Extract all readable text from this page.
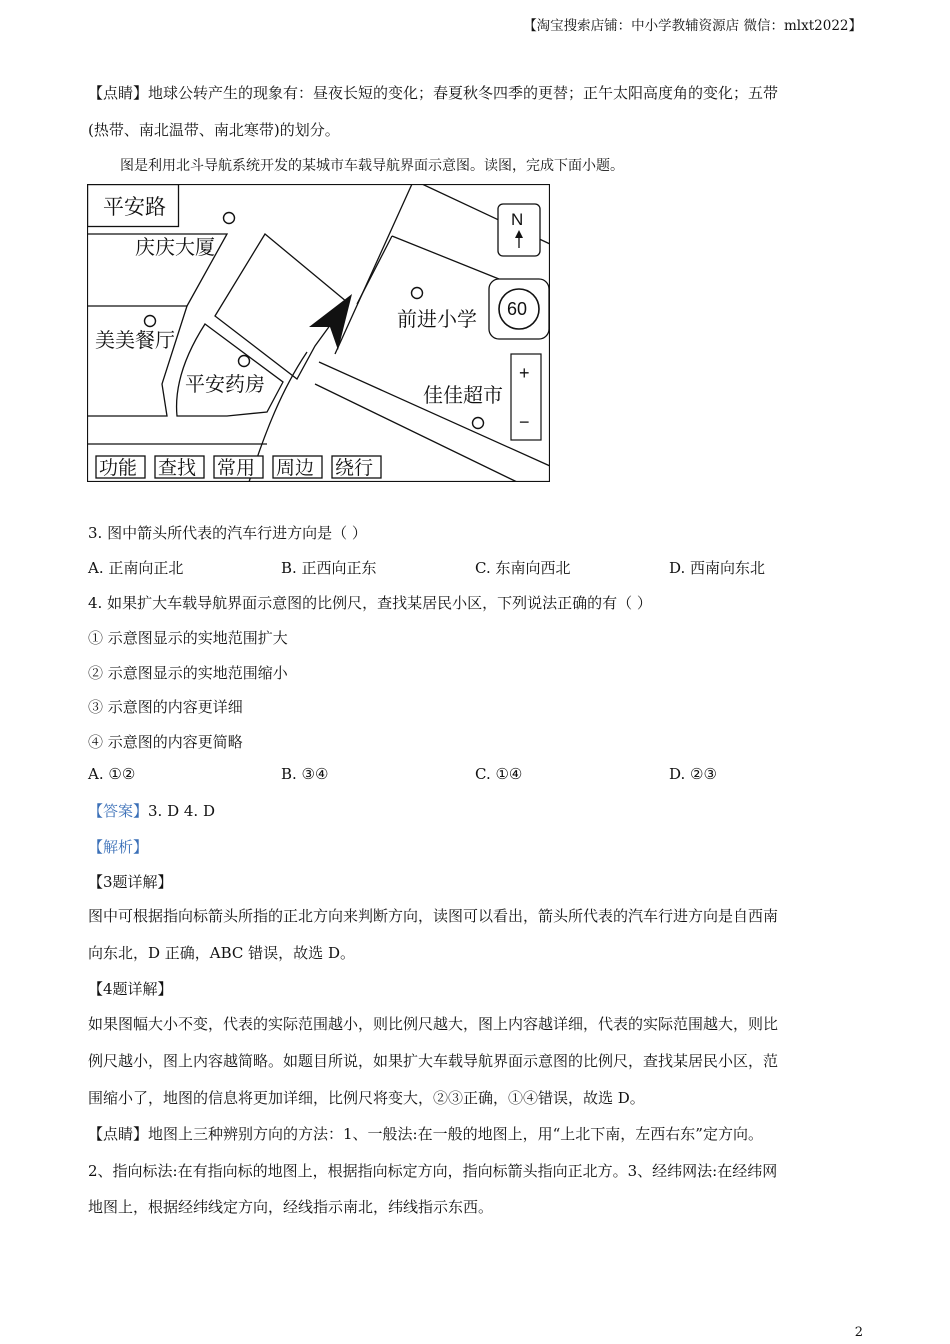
【淘宝搜索店铺：中小学教辅资源店 微信：mlxt2022】
【点睛】地球公转产生的现象有：昼夜长短的变化；春夏秋冬四季的更替；正午太阳高度角的变化；五带
(热带、南北温带、南北寒带)的划分。
图是利用北斗导航系统开发的某城市车载导航界面示意图。读图，完成下面小题。
平安路
庆庆大厦
美美餐厅
平安药房
前进小学
佳佳超市
N
60
+
−
功能 查找 常用 周边 绕行
3. 图中箭头所代表的汽车行进方向是（ ）
A. 正南向正北	B. 正西向正东	C. 东南向西北	D. 西南向东北
4. 如果扩大车载导航界面示意图的比例尺，查找某居民小区，下列说法正确的有（ ）
① 示意图显示的实地范围扩大
② 示意图显示的实地范围缩小
③ 示意图的内容更详细
④ 示意图的内容更简略
A. ①②	B. ③④	C. ①④	D. ②③
【答案】3. D 4. D
【解析】
【3题详解】
图中可根据指向标箭头所指的正北方向来判断方向，读图可以看出，箭头所代表的汽车行进方向是自西南
向东北，D 正确，ABC 错误，故选 D。
【4题详解】
如果图幅大小不变，代表的实际范围越小，则比例尺越大，图上内容越详细，代表的实际范围越大，则比
例尺越小，图上内容越简略。如题目所说，如果扩大车载导航界面示意图的比例尺，查找某居民小区，范
围缩小了，地图的信息将更加详细，比例尺将变大，②③正确，①④错误，故选 D。
【点睛】地图上三种辨别方向的方法：1、一般法:在一般的地图上，用“上北下南，左西右东”定方向。
2、指向标法:在有指向标的地图上，根据指向标定方向，指向标箭头指向正北方。3、经纬网法:在经纬网
地图上，根据经纬线定方向，经线指示南北，纬线指示东西。
2
